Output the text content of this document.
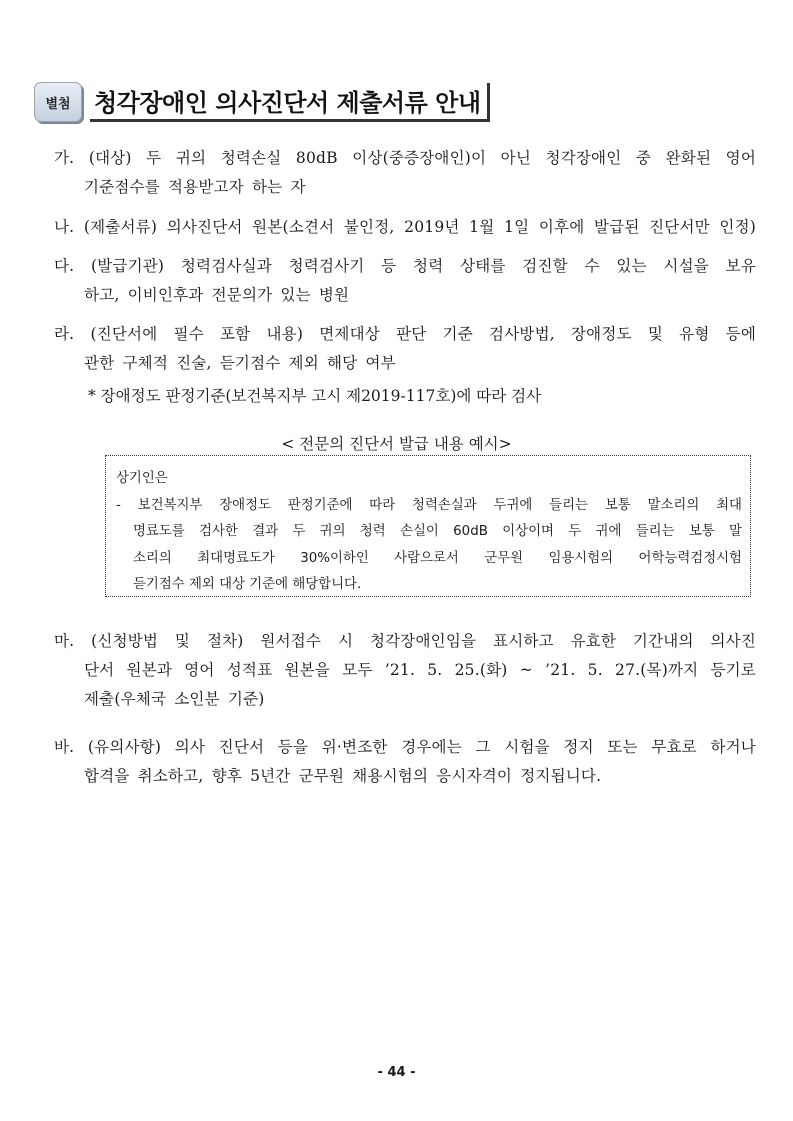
별첨 청각장애인 의사진단서 제출서류 안내
가. (대상) 두 귀의 청력손실 80dB 이상(중증장애인)이 아닌 청각장애인 중 완화된 영어
기준점수를 적용받고자 하는 자
나. (제출서류) 의사진단서 원본(소견서 불인정, 2019년 1월 1일 이후에 발급된 진단서만 인정)
다. (발급기관) 청력검사실과 청력검사기 등 청력 상태를 검진할 수 있는 시설을 보유
하고, 이비인후과 전문의가 있는 병원
라. (진단서에 필수 포함 내용) 면제대상 판단 기준 검사방법, 장애정도 및 유형 등에
관한 구체적 진술, 듣기점수 제외 해당 여부
* 장애정도 판정기준(보건복지부 고시 제2019-117호)에 따라 검사
< 전문의 진단서 발급 내용 예시>
상기인은
- 보건복지부 장애정도 판정기준에 따라 청력손실과 두귀에 들리는 보통 말소리의 최대
명료도를 검사한 결과 두 귀의 청력 손실이 60dB 이상이며 두 귀에 들리는 보통 말
소리의 최대명료도가 30%이하인 사람으로서 군무원 임용시험의 어학능력검정시험
듣기점수 제외 대상 기준에 해당합니다.
마. (신청방법 및 절차) 원서접수 시 청각장애인임을 표시하고 유효한 기간내의 의사진
단서 원본과 영어 성적표 원본을 모두 ’21. 5. 25.(화) ~ ’21. 5. 27.(목)까지 등기로
제출(우체국 소인분 기준)
바. (유의사항) 의사 진단서 등을 위·변조한 경우에는 그 시험을 정지 또는 무효로 하거나
합격을 취소하고, 향후 5년간 군무원 채용시험의 응시자격이 정지됩니다.
- 44 -
